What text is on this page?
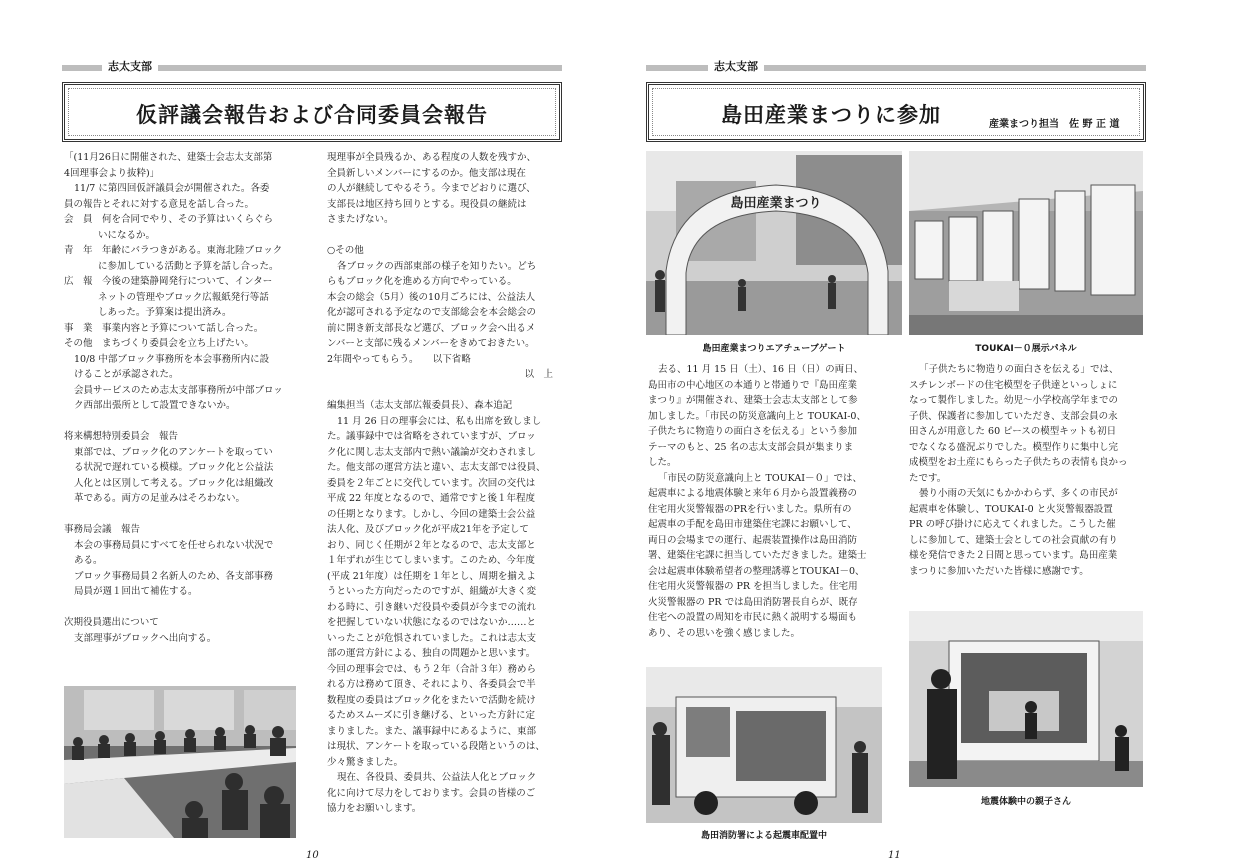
志太支部
仮評議会報告および合同委員会報告

「(11月26日に開催された、建築士会志太支部第

4回理事会より抜粋)」

11/7 に第四回仮評議員会が開催された。各委

員の報告とそれに対する意見を話し合った。

会　員　何を合同でやり、その予算はいくらぐら

いになるか。

青　年　年齢にバラつきがある。東海北陸ブロック

に参加している活動と予算を話し合った。

広　報　今後の建築静岡発行について、インター

ネットの管理やブロック広報紙発行等話

しあった。予算案は提出済み。

事　業　事業内容と予算について話し合った。

その他　まちづくり委員会を立ち上げたい。

10/8 中部ブロック事務所を本会事務所内に設

けることが承認された。

会員サービスのため志太支部事務所が中部ブロッ

ク西部出張所として設置できないか。

将来構想特別委員会　報告

東部では、ブロック化のアンケートを取ってい

る状況で遅れている模様。ブロック化と公益法

人化とは区別して考える。ブロック化は組織改

革である。両方の足並みはそろわない。

事務局会議　報告

本会の事務局員にすべてを任せられない状況で

ある。

ブロック事務局員２名新人のため、各支部事務

局員が週１回出て補佐する。

次期役員選出について

支部理事がブロックへ出向する。

現理事が全員残るか、ある程度の人数を残すか、

全員新しいメンバーにするのか。他支部は現在

の人が継続してやるそう。今までどおりに選び、

支部長は地区持ち回りとする。現役員の継続は

さまたげない。

○その他

各ブロックの西部東部の様子を知りたい。どち

らもブロック化を進める方向でやっている。

本会の総会（5月）後の10月ごろには、公益法人

化が認可される予定なので支部総会を本会総会の

前に開き新支部長など選び、ブロック会へ出るメ

ンバーと支部に残るメンバーをきめておきたい。

2年間やってもらう。　　以下省略

以　上

編集担当（志太支部広報委員長）、森本追記

11 月 26 日の理事会には、私も出席を致しまし

た。議事録中では省略をされていますが、ブロッ

ク化に関し志太支部内で熱い議論が交わされまし

た。他支部の運営方法と違い、志太支部では役員、

委員を２年ごとに交代しています。次回の交代は

平成 22 年度となるので、通常ですと後１年程度

の任期となります。しかし、今回の建築士会公益

法人化、及びブロック化が平成21年を予定して

おり、同じく任期が２年となるので、志太支部と

１年ずれが生じてしまいます。このため、今年度

(平成 21年度）は任期を１年とし、周期を揃えよ

うといった方向だったのですが、組織が大きく変

わる時に、引き継いだ役員や委員が今までの流れ

を把握していない状態になるのではないか……と

いったことが危惧されていました。これは志太支

部の運営方針による、独自の問題かと思います。

今回の理事会では、もう２年（合計３年）務めら

れる方は務めて頂き、それにより、各委員会で半

数程度の委員はブロック化をまたいで活動を続け

るためスムーズに引き継げる、といった方針に定

まりました。また、議事録中にあるように、東部

は現状、アンケートを取っている段階というのは、

少々驚きました。

現在、各役員、委員共、公益法人化とブロック

化に向けて尽力をしております。会員の皆様のご

協力をお願いします。

10
志太支部
島田産業まつりに参加	産業まつり担当　佐 野 正 道
島田産業まつり
島田産業まつりエアチューブゲート	TOUKAI－０展示パネル

去る、11 月 15 日（土）、16 日（日）の両日、

島田市の中心地区の本通りと帯通りで『島田産業

まつり』が開催され、建築士会志太支部として参

加しました。「市民の防災意識向上と TOUKAI-0、

子供たちに物造りの面白さを伝える」という参加

テーマのもと、25 名の志太支部会員が集まりま

した。

「市民の防災意識向上と TOUKAI－０」では、

起震車による地震体験と来年６月から設置義務の

住宅用火災警報器のPRを行いました。県所有の

起震車の手配を島田市建築住宅課にお願いして、

両日の会場までの運行、起震装置操作は島田消防

署、建築住宅課に担当していただきました。建築士

会は起震車体験希望者の整理誘導とTOUKAI－0、

住宅用火災警報器の PR を担当しました。住宅用

火災警報器の PR では島田消防署長自らが、既存

住宅への設置の周知を市民に熱く説明する場面も

あり、その思いを強く感じました。

「子供たちに物造りの面白さを伝える」では、

スチレンボードの住宅模型を子供達といっしょに

なって製作しました。幼児～小学校高学年までの

子供、保護者に参加していただき、支部会員の永

田さんが用意した 60 ピースの模型キットも初日

でなくなる盛況ぶりでした。模型作りに集中し完

成模型をお土産にもらった子供たちの表情も良かっ

たです。

曇り小雨の天気にもかかわらず、多くの市民が

起震車を体験し、TOUKAI-0 と火災警報器設置

PR の呼び掛けに応えてくれました。こうした催

しに参加して、建築士会としての社会貢献の有り

様を発信できた２日間と思っています。島田産業

まつりに参加いただいた皆様に感謝です。

島田消防署による起震車配置中
地震体験中の親子さん
11
